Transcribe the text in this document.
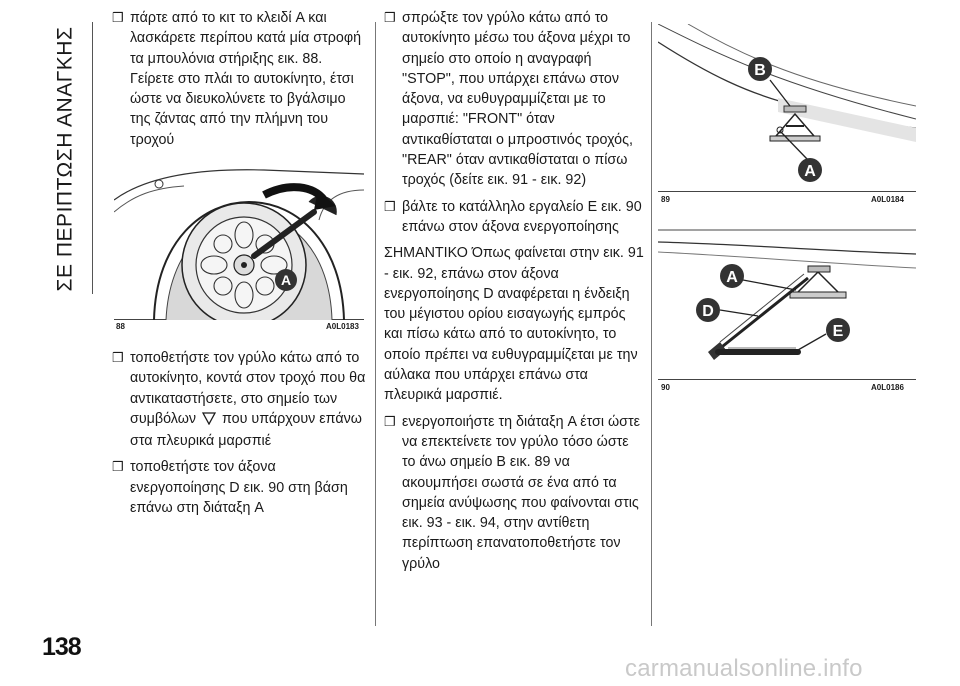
ΣΕ ΠΕΡΙΠΤΩΣΗ ΑΝΑΓΚΗΣ
138
carmanualsonline.info
❒ πάρτε από το κιτ το κλειδί A και λασκάρετε περίπου κατά μία στροφή τα μπουλόνια στήριξης εικ. 88. Γείρετε στο πλάι το αυτοκίνητο, έτσι ώστε να διευκολύνετε το βγάλσιμο της ζάντας από την πλήμνη του τροχού
A
88	A0L0183
❒ τοποθετήστε τον γρύλο κάτω από το αυτοκίνητο, κοντά στον τροχό που θα αντικαταστήσετε, στο σημείο των συμβόλων που υπάρχουν επάνω στα πλευρικά μαρσπιέ
❒ τοποθετήστε τον άξονα ενεργοποίησης D εικ. 90 στη βάση επάνω στη διάταξη A
❒ σπρώξτε τον γρύλο κάτω από το αυτοκίνητο μέσω του άξονα μέχρι το σημείο στο οποίο η αναγραφή "STOP", που υπάρχει επάνω στον άξονα, να ευθυγραμμίζεται με το μαρσπιέ: "FRONT" όταν αντικαθίσταται ο μπροστινός τροχός, "REAR" όταν αντικαθίσταται ο πίσω τροχός (δείτε εικ. 91 - εικ. 92)
❒ βάλτε το κατάλληλο εργαλείο E εικ. 90 επάνω στον άξονα ενεργοποίησης

ΣΗΜΑΝΤΙΚΟ Όπως φαίνεται στην εικ. 91 - εικ. 92, επάνω στον άξονα ενεργοποίησης D αναφέρεται η ένδειξη του μέγιστου ορίου εισαγωγής εμπρός και πίσω κάτω από το αυτοκίνητο, το οποίο πρέπει να ευθυγραμμίζεται με την αύλακα που υπάρχει επάνω στα πλευρικά μαρσπιέ.

❒ ενεργοποιήστε τη διάταξη A έτσι ώστε να επεκτείνετε τον γρύλο τόσο ώστε το άνω σημείο B εικ. 89 να ακουμπήσει σωστά σε ένα από τα σημεία ανύψωσης που φαίνονται στις εικ. 93 - εικ. 94, στην αντίθετη περίπτωση επανατοποθετήστε τον γρύλο
B
A
89	A0L0184
A
D
E
90	A0L0186
